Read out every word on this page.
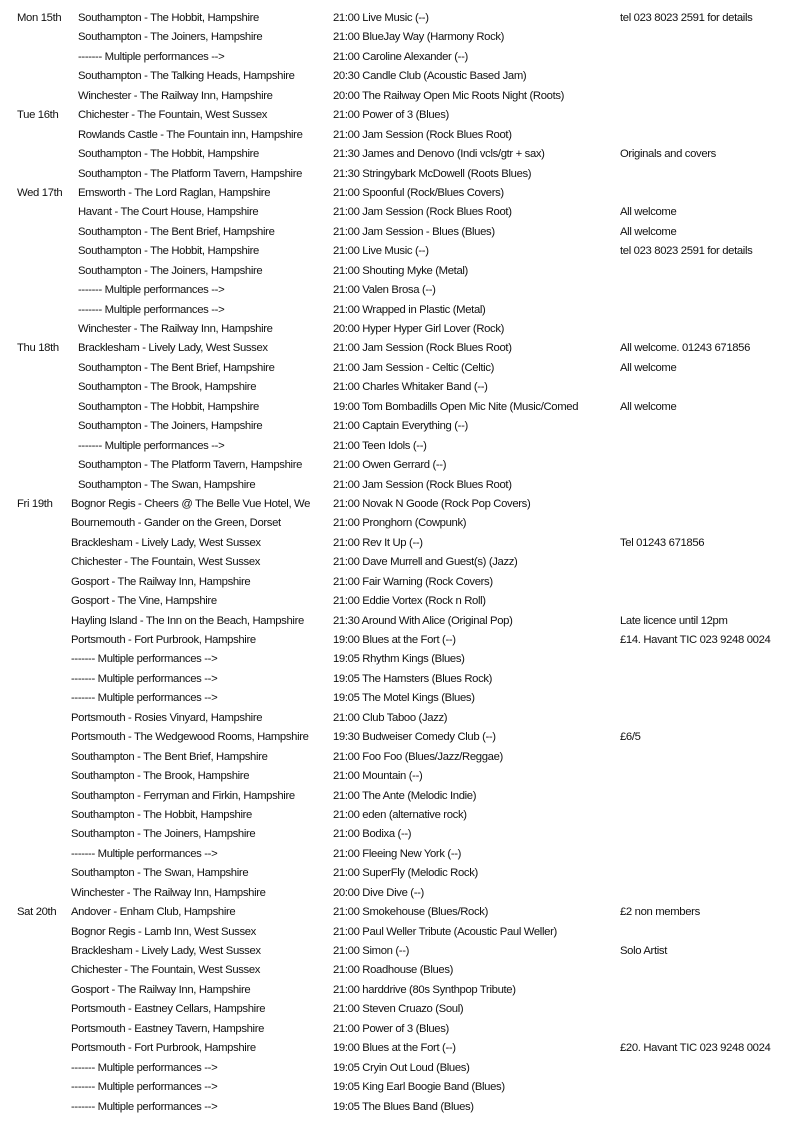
Mon 15th	Southampton - The Hobbit, Hampshire	21:00 Live Music (--)	tel 023 8023 2591 for details
Southampton - The Joiners, Hampshire	21:00 BlueJay Way (Harmony Rock)
------- Multiple performances -->	21:00 Caroline Alexander (--)
Southampton - The Talking Heads, Hampshire	20:30 Candle Club (Acoustic Based Jam)
Winchester - The Railway Inn, Hampshire	20:00 The Railway Open Mic Roots Night (Roots)
Tue 16th	Chichester - The Fountain, West Sussex	21:00 Power of 3 (Blues)
Rowlands Castle - The Fountain inn, Hampshire	21:00 Jam Session (Rock Blues Root)
Southampton - The Hobbit, Hampshire	21:30 James and Denovo (Indi vcls/gtr + sax)	Originals and covers
Southampton - The Platform Tavern, Hampshire	21:30 Stringybark McDowell (Roots Blues)
Wed 17th	Emsworth - The Lord Raglan, Hampshire	21:00 Spoonful (Rock/Blues Covers)
Havant - The Court House, Hampshire	21:00 Jam Session (Rock Blues Root)	All welcome
Southampton - The Bent Brief, Hampshire	21:00 Jam Session - Blues (Blues)	All welcome
Southampton - The Hobbit, Hampshire	21:00 Live Music (--)	tel 023 8023 2591 for details
Southampton - The Joiners, Hampshire	21:00 Shouting Myke (Metal)
------- Multiple performances -->	21:00 Valen Brosa (--)
------- Multiple performances -->	21:00 Wrapped in Plastic (Metal)
Winchester - The Railway Inn, Hampshire	20:00 Hyper Hyper Girl Lover (Rock)
Thu 18th	Bracklesham - Lively Lady, West Sussex	21:00 Jam Session (Rock Blues Root)	All welcome. 01243 671856
Southampton - The Bent Brief, Hampshire	21:00 Jam Session - Celtic (Celtic)	All welcome
Southampton - The Brook, Hampshire	21:00 Charles Whitaker Band (--)
Southampton - The Hobbit, Hampshire	19:00 Tom Bombadills Open Mic Nite (Music/Comed	All welcome
Southampton - The Joiners, Hampshire	21:00 Captain Everything (--)
------- Multiple performances -->	21:00 Teen Idols (--)
Southampton - The Platform Tavern, Hampshire	21:00 Owen Gerrard (--)
Southampton - The Swan, Hampshire	21:00 Jam Session (Rock Blues Root)
Fri 19th	Bognor Regis - Cheers @ The Belle Vue Hotel, We	21:00 Novak N Goode (Rock Pop Covers)
Bournemouth - Gander on the Green, Dorset	21:00 Pronghorn (Cowpunk)
Bracklesham - Lively Lady, West Sussex	21:00 Rev It Up (--)	Tel 01243 671856
Chichester - The Fountain, West Sussex	21:00 Dave Murrell and Guest(s) (Jazz)
Gosport - The Railway Inn, Hampshire	21:00 Fair Warning (Rock Covers)
Gosport - The Vine, Hampshire	21:00 Eddie Vortex (Rock n Roll)
Hayling Island - The Inn on the Beach, Hampshire	21:30 Around With Alice (Original Pop)	Late licence until 12pm
Portsmouth - Fort Purbrook, Hampshire	19:00 Blues at the Fort (--)	£14. Havant TIC 023 9248 0024
------- Multiple performances -->	19:05 Rhythm Kings (Blues)
------- Multiple performances -->	19:05 The Hamsters (Blues Rock)
------- Multiple performances -->	19:05 The Motel Kings (Blues)
Portsmouth - Rosies Vinyard, Hampshire	21:00 Club Taboo (Jazz)
Portsmouth - The Wedgewood Rooms, Hampshire	19:30 Budweiser Comedy Club (--)	£6/5
Southampton - The Bent Brief, Hampshire	21:00 Foo Foo (Blues/Jazz/Reggae)
Southampton - The Brook, Hampshire	21:00 Mountain (--)
Southampton - Ferryman and Firkin, Hampshire	21:00 The Ante (Melodic Indie)
Southampton - The Hobbit, Hampshire	21:00 eden (alternative rock)
Southampton - The Joiners, Hampshire	21:00 Bodixa (--)
------- Multiple performances -->	21:00 Fleeing New York (--)
Southampton - The Swan, Hampshire	21:00 SuperFly (Melodic Rock)
Winchester - The Railway Inn, Hampshire	20:00 Dive Dive (--)
Sat 20th	Andover - Enham Club, Hampshire	21:00 Smokehouse (Blues/Rock)	£2 non members
Bognor Regis - Lamb Inn, West Sussex	21:00 Paul Weller Tribute (Acoustic Paul Weller)
Bracklesham - Lively Lady, West Sussex	21:00 Simon (--)	Solo Artist
Chichester - The Fountain, West Sussex	21:00 Roadhouse (Blues)
Gosport - The Railway Inn, Hampshire	21:00 harddrive (80s Synthpop Tribute)
Portsmouth - Eastney Cellars, Hampshire	21:00 Steven Cruazo (Soul)
Portsmouth - Eastney Tavern, Hampshire	21:00 Power of 3 (Blues)
Portsmouth - Fort Purbrook, Hampshire	19:00 Blues at the Fort (--)	£20. Havant TIC 023 9248 0024
------- Multiple performances -->	19:05 Cryin Out Loud (Blues)
------- Multiple performances -->	19:05 King Earl Boogie Band (Blues)
------- Multiple performances -->	19:05 The Blues Band (Blues)
